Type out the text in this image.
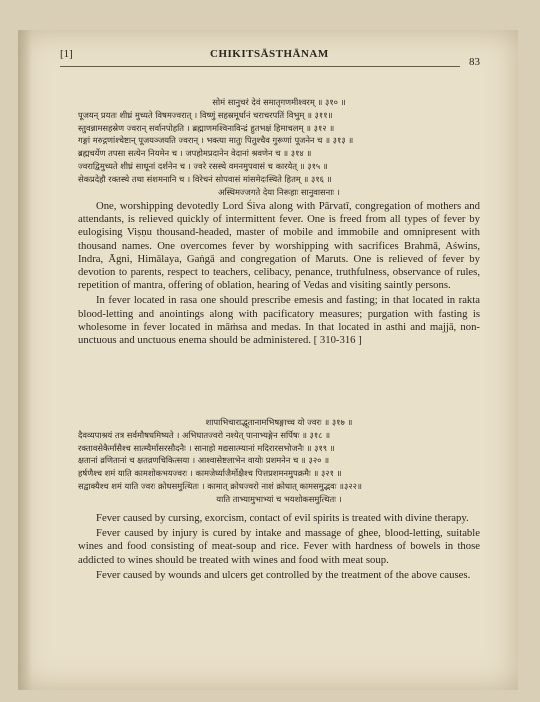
[1]	CHIKITSĀSTHĀNAM
83
सोमं सानुचरं देवं समातृगणमीश्वरम् ॥ ३१० ॥
पूजयन् प्रयतः शीघ्रं मुच्यते विषमज्वरात् । विष्णुं सहस्रमूर्धानं चराचरपतिं विभुम् ॥ ३११॥
स्तुवन्नामसहस्रेण ज्वरान् सर्वानपोहति । ब्रह्माणमश्विनाविन्द्रं हुतभक्षं हिमाचलम् ॥ ३१२ ॥
गङ्गां मरुद्गणांश्चेष्टान् पूजयञ्जयति ज्वरान् । भक्त्या मातुः पितुश्चैव गुरूणां पूजनेन च ॥ ३१३ ॥
ब्रह्मचर्येण तपसा सत्येन नियमेन च । जपहोमप्रदानेन वेदानां श्रवणेन च ॥ ३१४ ॥
ज्वराद्विमुच्यते शीघ्रं साधूनां दर्शनेन च । ज्वरे रसस्थे वमनमुपवासं च कारयेत् ॥ ३१५ ॥
सेकप्रदेहौ रक्तस्थे तथा संशमनानि च । विरेचनं सोपवासं मांसमेदःस्थिते हितम् ॥ ३१६ ॥
अस्थिमज्जगते देया निरूहाः सानुवासनाः ।

One, worshipping devotedly Lord Śiva along with Pārvatī, congregation of mothers and attendants, is relieved quickly of intermittent fever. One is freed from all types of fever by eulogising Viṣṇu thousand-headed, master of mobile and immobile and omnipresent with thousand names. One overcomes fever by worshipping with sacrifices Brahmā, Aświns, Indra, Āgni, Himālaya, Gaṅgā and congregation of Maruts. One is relieved of fever by devotion to parents, respect to teachers, celibacy, penance, truthfulness, observance of rules, repetition of mantra, offering of oblation, hearing of Vedas and visiting saintly persons.

In fever located in rasa one should prescribe emesis and fasting; in that located in rakta blood-letting and anointings along with pacificatory measures; purgation with fasting is wholesome in fever located in māṁsa and medas. In that located in asthi and majjā, non-unctuous and unctuous enema should be administered. [ 310-316 ]

शापाभिचाराद्भूतानामभिषङ्गाच्च यो ज्वरः ॥ ३१७ ॥
दैवव्यपाश्रयं तत्र सर्वमौषधमिष्यते । अभिघातज्वरो नश्येत् पानाभ्यङ्गेन सर्पिषः ॥ ३१८ ॥
रक्तावसेकैर्मांसैश्च सात्म्यैर्मांसरसौदनैः । सानाहो मद्यसात्म्यानां मदिरारसभोजनैः ॥ ३१९ ॥
क्षतानां व्रणितानां च क्षतव्रणचिकित्सया । आश्वासेष्टलाभेन वायोः प्रशमनेन च ॥ ३२० ॥
हर्षणैश्च शमं याति कामशोकभयज्वरः । कामजेर्घ्याजैर्मोक्षैश्च पित्तप्रशमनमुपक्रमैः ॥ ३२१ ॥
सद्वाक्यैश्च शमं याति ज्वरः क्रोधसमुत्थितः । कामात् क्रोधज्वरो नाशं क्रोधात् कामसमुद्भवः ॥३२२॥
याति ताभ्यामुभाभ्यां च भयशोकसमुत्थितः ।

Fever caused by cursing, exorcism, contact of evil spirits is treated with divine therapy.

Fever caused by injury is cured by intake and massage of ghee, blood-letting, suitable wines and food consisting of meat-soup and rice. Fever with hardness of bowels in those addicted to wines should be treated with wines and food with meat soup.

Fever caused by wounds and ulcers get controlled by the treatment of the above causes.
